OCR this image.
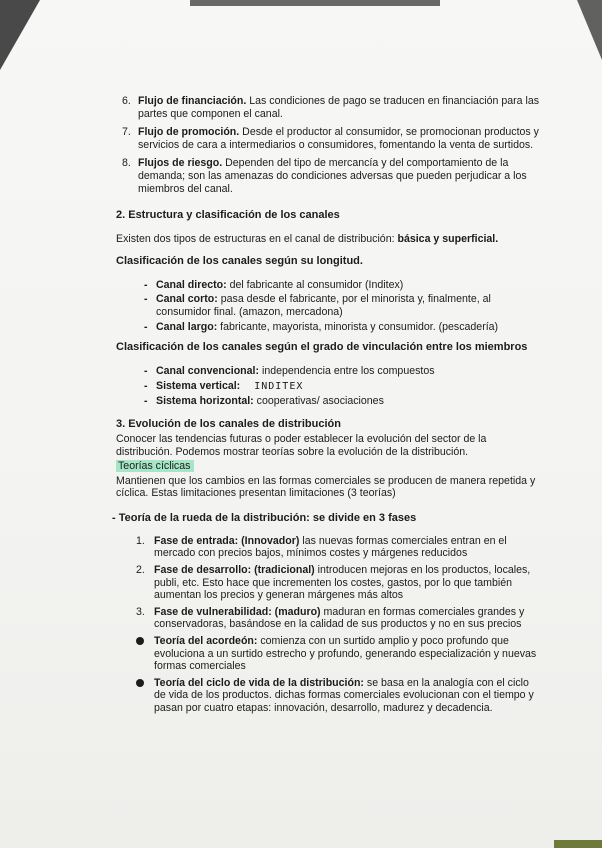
6. Flujo de financiación. Las condiciones de pago se traducen en financiación para las partes que componen el canal.
7. Flujo de promoción. Desde el productor al consumidor, se promocionan productos y servicios de cara a intermediarios o consumidores, fomentando la venta de surtidos.
8. Flujos de riesgo. Dependen del tipo de mercancía y del comportamiento de la demanda; son las amenazas do condiciones adversas que pueden perjudicar a los miembros del canal.
2. Estructura y clasificación de los canales
Existen dos tipos de estructuras en el canal de distribución: básica y superficial.
Clasificación de los canales según su longitud.
- Canal directo: del fabricante al consumidor (Inditex)
- Canal corto: pasa desde el fabricante, por el minorista y, finalmente, al consumidor final. (amazon, mercadona)
- Canal largo: fabricante, mayorista, minorista y consumidor. (pescadería)
Clasificación de los canales según el grado de vinculación entre los miembros
- Canal convencional: independencia entre los compuestos
- Sistema vertical: INDITEX
- Sistema horizontal: cooperativas/ asociaciones
3. Evolución de los canales de distribución
Conocer las tendencias futuras o poder establecer la evolución del sector de la distribución. Podemos mostrar teorías sobre la evolución de la distribución.
Teorías cíclicas
Mantienen que los cambios en las formas comerciales se producen de manera repetida y cíclica. Estas limitaciones presentan limitaciones (3 teorías)
- Teoría de la rueda de la distribución: se divide en 3 fases
1. Fase de entrada: (Innovador) las nuevas formas comerciales entran en el mercado con precios bajos, mínimos costes y márgenes reducidos
2. Fase de desarrollo: (tradicional) introducen mejoras en los productos, locales, publi, etc. Esto hace que incrementen los costes, gastos, por lo que también aumentan los precios y generan márgenes más altos
3. Fase de vulnerabilidad: (maduro) maduran en formas comerciales grandes y conservadoras, basándose en la calidad de sus productos y no en sus precios
Teoría del acordeón: comienza con un surtido amplio y poco profundo que evoluciona a un surtido estrecho y profundo, generando especialización y nuevas formas comerciales
Teoría del ciclo de vida de la distribución: se basa en la analogía con el ciclo de vida de los productos. dichas formas comerciales evolucionan con el tiempo y pasan por cuatro etapas: innovación, desarrollo, madurez y decadencia.
